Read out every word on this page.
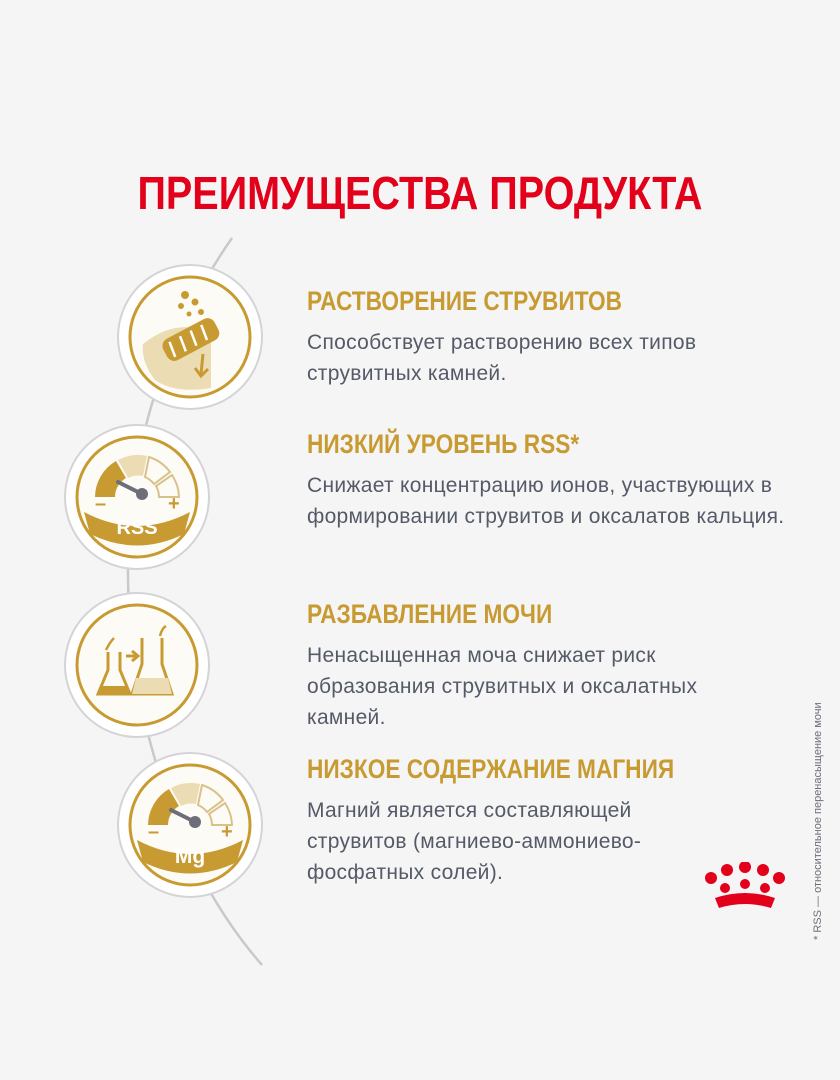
ПРЕИМУЩЕСТВА ПРОДУКТА
–	+
RSS
–	+
Mg
РАСТВОРЕНИЕ СТРУВИТОВ
Способствует растворению всех типов струвитных камней.
НИЗКИЙ УРОВЕНЬ RSS*
Снижает концентрацию ионов, участвующих в формировании струвитов и оксалатов кальция.
РАЗБАВЛЕНИЕ МОЧИ
Ненасыщенная моча снижает риск образования струвитных и оксалатных камней.
НИЗКОЕ СОДЕРЖАНИЕ МАГНИЯ
Магний является составляющей струвитов (магниево-аммониево-фосфатных солей).	* RSS — относительное перенасыщение мочи
